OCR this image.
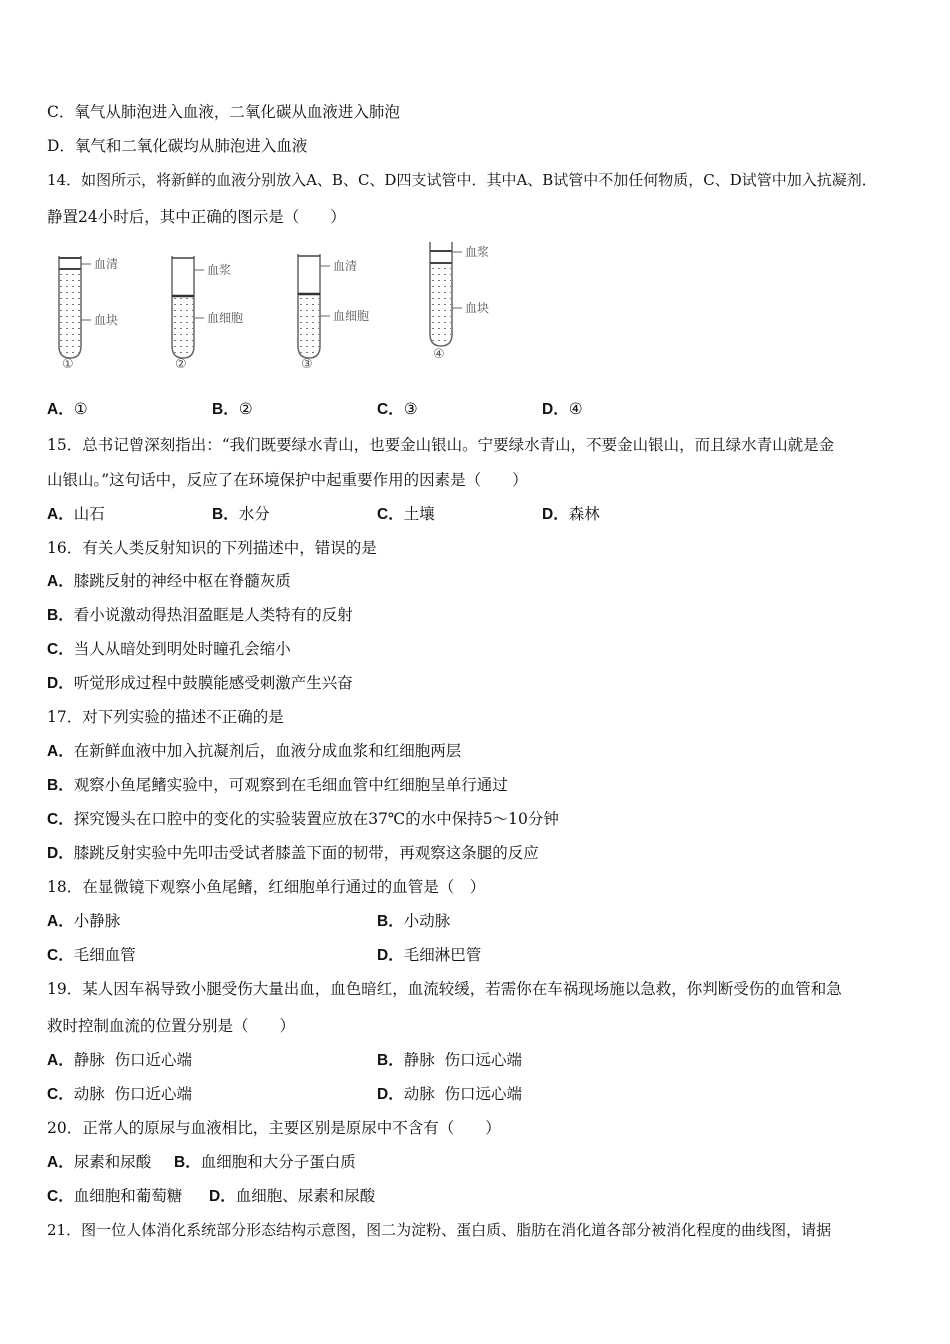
C．氧气从肺泡进入血液，二氧化碳从血液进入肺泡
D．氧气和二氧化碳均从肺泡进入血液
14．如图所示，将新鲜的血液分别放入A、B、C、D四支试管中．其中A、B试管中不加任何物质，C、D试管中加入抗凝剂．
静置24小时后，其中正确的图示是（　　）
血清
血块
①
血浆
血细胞
②
血清
血细胞
③
血浆
血块
④
A．①	B．②	C．③	D．④
15．总书记曾深刻指出：“我们既要绿水青山，也要金山银山。宁要绿水青山，不要金山银山，而且绿水青山就是金
山银山。”这句话中，反应了在环境保护中起重要作用的因素是（　　）
A．山石	B．水分	C．土壤	D．森林
16．有关人类反射知识的下列描述中，错误的是
A．膝跳反射的神经中枢在脊髓灰质
B．看小说激动得热泪盈眶是人类特有的反射
C．当人从暗处到明处时瞳孔会缩小
D．听觉形成过程中鼓膜能感受刺激产生兴奋
17．对下列实验的描述不正确的是
A．在新鲜血液中加入抗凝剂后，血液分成血浆和红细胞两层
B．观察小鱼尾鳍实验中，可观察到在毛细血管中红细胞呈单行通过
C．探究馒头在口腔中的变化的实验装置应放在37℃的水中保持5～10分钟
D．膝跳反射实验中先叩击受试者膝盖下面的韧带，再观察这条腿的反应
18．在显微镜下观察小鱼尾鳍，红细胞单行通过的血管是（　）
A．小静脉	B．小动脉
C．毛细血管	D．毛细淋巴管
19．某人因车祸导致小腿受伤大量出血，血色暗红，血流较缓，若需你在车祸现场施以急救，你判断受伤的血管和急
救时控制血流的位置分别是（　　）
A．静脉  伤口近心端	B．静脉  伤口远心端
C．动脉  伤口近心端	D．动脉  伤口远心端
20．正常人的原尿与血液相比，主要区别是原尿中不含有（　　）
A．尿素和尿酸 B．血细胞和大分子蛋白质
C．血细胞和葡萄糖 D．血细胞、尿素和尿酸
21．图一位人体消化系统部分形态结构示意图，图二为淀粉、蛋白质、脂肪在消化道各部分被消化程度的曲线图，请据
